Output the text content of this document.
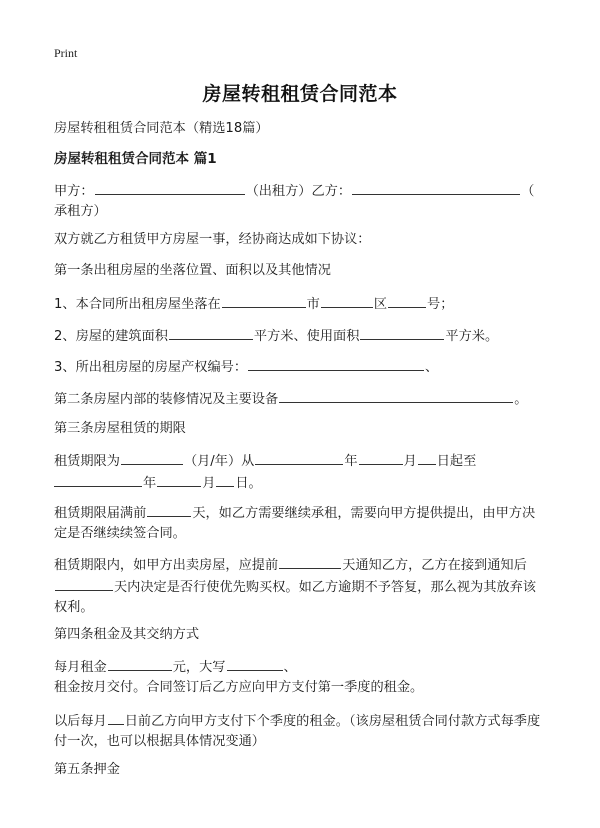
Print
房屋转租租赁合同范本
房屋转租租赁合同范本（精选18篇）
房屋转租租赁合同范本 篇1
甲方：	（出租方）乙方：	（
承租方）
双方就乙方租赁甲方房屋一事，经协商达成如下协议：
第一条出租房屋的坐落位置、面积以及其他情况
1、本合同所出租房屋坐落在	市	区	号；
2、房屋的建筑面积	平方米、使用面积	平方米。
3、所出租房屋的房屋产权编号：	、
第二条房屋内部的装修情况及主要设备	。
第三条房屋租赁的期限
租赁期限为	（月/年）从	年	月 日起至
年	月 日。
租赁期限届满前	天，如乙方需要继续承租，需要向甲方提供提出，由甲方决定是否继续续签合同。
租赁期限内，如甲方出卖房屋，应提前	天通知乙方，乙方在接到通知后天内决定是否行使优先购买权。如乙方逾期不予答复，那么视为其放弃该权利。
第四条租金及其交纳方式
每月租金	元，大写	、
租金按月交付。合同签订后乙方应向甲方支付第一季度的租金。
以后每月 日前乙方向甲方支付下个季度的租金。（该房屋租赁合同付款方式每季度付一次，也可以根据具体情况变通）
第五条押金
